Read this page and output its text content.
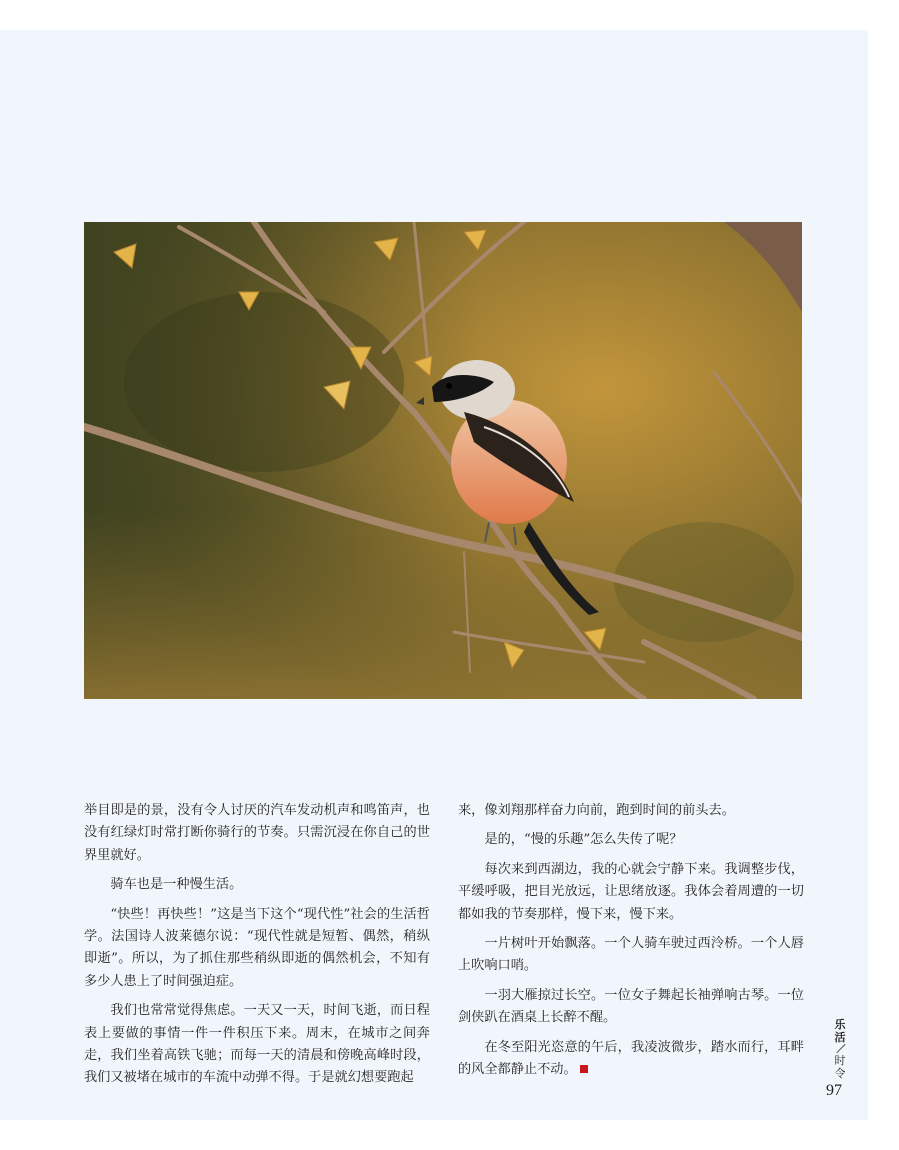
举目即是的景，没有令人讨厌的汽车发动机声和鸣笛声，也没有红绿灯时常打断你骑行的节奏。只需沉浸在你自己的世界里就好。

骑车也是一种慢生活。

“快些！再快些！”这是当下这个“现代性”社会的生活哲学。法国诗人波莱德尔说：“现代性就是短暂、偶然，稍纵即逝”。所以，为了抓住那些稍纵即逝的偶然机会，不知有多少人患上了时间强迫症。

我们也常常觉得焦虑。一天又一天，时间飞逝，而日程表上要做的事情一件一件积压下来。周末，在城市之间奔走，我们坐着高铁飞驰；而每一天的清晨和傍晚高峰时段，我们又被堵在城市的车流中动弹不得。于是就幻想要跑起

来，像刘翔那样奋力向前，跑到时间的前头去。

是的，“慢的乐趣”怎么失传了呢？

每次来到西湖边，我的心就会宁静下来。我调整步伐，平缓呼吸，把目光放远，让思绪放逐。我体会着周遭的一切都如我的节奏那样，慢下来，慢下来。

一片树叶开始飘落。一个人骑车驶过西泠桥。一个人唇上吹响口哨。

一羽大雁掠过长空。一位女子舞起长袖弹响古琴。一位剑侠趴在酒桌上长醉不醒。

在冬至阳光恣意的午后，我凌波微步，踏水而行，耳畔的风全都静止不动。

乐
活
时
令
97
